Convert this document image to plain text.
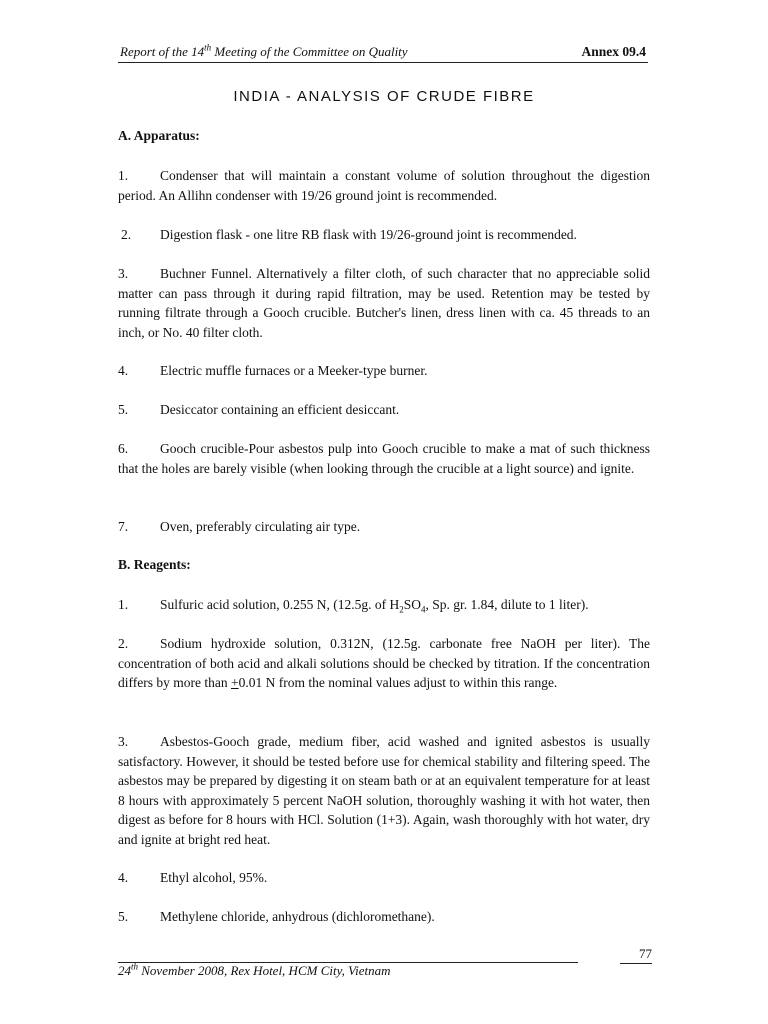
Report of the 14th Meeting of the Committee on Quality	Annex 09.4
INDIA - ANALYSIS OF CRUDE FIBRE
A. Apparatus:

1. Condenser that will maintain a constant volume of solution throughout the digestion period. An Allihn condenser with 19/26 ground joint is recommended.

2. Digestion flask - one litre RB flask with 19/26-ground joint is recommended.

3. Buchner Funnel. Alternatively a filter cloth, of such character that no appreciable solid matter can pass through it during rapid filtration, may be used. Retention may be tested by running filtrate through a Gooch crucible. Butcher's linen, dress linen with ca. 45 threads to an inch, or No. 40 filter cloth.

4. Electric muffle furnaces or a Meeker-type burner.

5. Desiccator containing an efficient desiccant.

6. Gooch crucible-Pour asbestos pulp into Gooch crucible to make a mat of such thickness that the holes are barely visible (when looking through the crucible at a light source) and ignite.

7. Oven, preferably circulating air type.

B. Reagents:

1. Sulfuric acid solution, 0.255 N, (12.5g. of $H_2SO_4$, Sp. gr. 1.84, dilute to 1 liter).

2. Sodium hydroxide solution, 0.312N, (12.5g. carbonate free NaOH per liter). The concentration of both acid and alkali solutions should be checked by titration. If the concentration differs by more than +0.01 N from the nominal values adjust to within this range.

3. Asbestos-Gooch grade, medium fiber, acid washed and ignited asbestos is usually satisfactory. However, it should be tested before use for chemical stability and filtering speed. The asbestos may be prepared by digesting it on steam bath or at an equivalent temperature for at least 8 hours with approximately 5 percent NaOH solution, thoroughly washing it with hot water, then digest as before for 8 hours with HCl. Solution (1+3). Again, wash thoroughly with hot water, dry and ignite at bright red heat.

4. Ethyl alcohol, 95%.

5. Methylene chloride, anhydrous (dichloromethane).

77
24th November 2008, Rex Hotel, HCM City, Vietnam
